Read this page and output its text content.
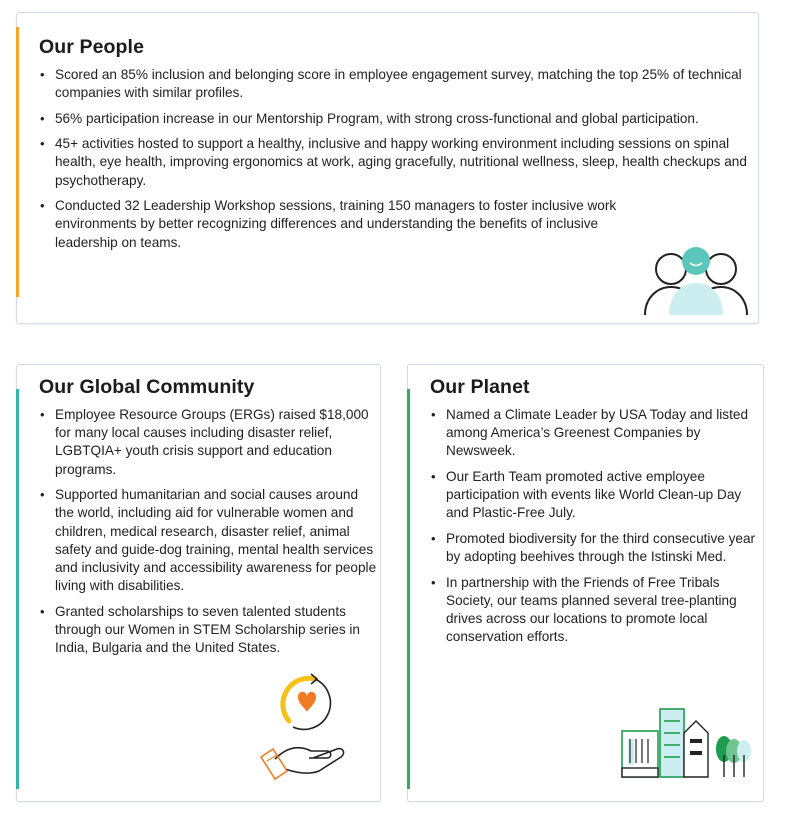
Our People
• Scored an 85% inclusion and belonging score in employee engagement survey, matching the top 25% of technical companies with similar profiles.
• 56% participation increase in our Mentorship Program, with strong cross-functional and global participation.
• 45+ activities hosted to support a healthy, inclusive and happy working environment including sessions on spinal health, eye health, improving ergonomics at work, aging gracefully, nutritional wellness, sleep, health checkups and psychotherapy.
• Conducted 32 Leadership Workshop sessions, training 150 managers to foster inclusive work environments by better recognizing differences and understanding the benefits of inclusive leadership on teams.
Our Global Community
• Employee Resource Groups (ERGs) raised $18,000 for many local causes including disaster relief, LGBTQIA+ youth crisis support and education programs.
• Supported humanitarian and social causes around the world, including aid for vulnerable women and children, medical research, disaster relief, animal safety and guide-dog training, mental health services and inclusivity and accessibility awareness for people living with disabilities.
• Granted scholarships to seven talented students through our Women in STEM Scholarship series in India, Bulgaria and the United States.
Our Planet
• Named a Climate Leader by USA Today and listed among America’s Greenest Companies by Newsweek.
• Our Earth Team promoted active employee participation with events like World Clean-up Day and Plastic-Free July.
• Promoted biodiversity for the third consecutive year by adopting beehives through the Istinski Med.
• In partnership with the Friends of Free Tribals Society, our teams planned several tree-planting drives across our locations to promote local conservation efforts.
